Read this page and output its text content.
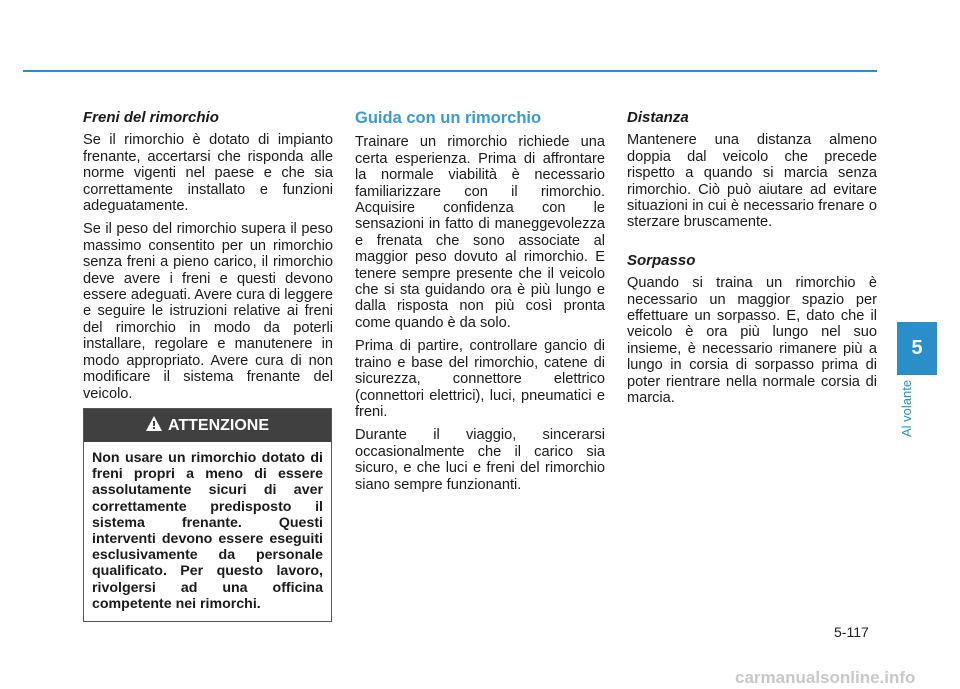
Freni del rimorchio

Se il rimorchio è dotato di impianto frenante, accertarsi che risponda alle norme vigenti nel paese e che sia correttamente installato e funzioni adeguatamente.

Se il peso del rimorchio supera il peso massimo consentito per un rimorchio senza freni a pieno carico, il rimorchio deve avere i freni e questi devono essere adeguati. Avere cura di leggere e seguire le istruzioni relative ai freni del rimorchio in modo da poterli installare, regolare e manutenere in modo appropriato. Avere cura di non modificare il sistema frenante del veicolo.

ATTENZIONE
Non usare un rimorchio dotato di freni propri a meno di essere assolutamente sicuri di aver correttamente predisposto il sistema frenante. Questi interventi devono essere eseguiti esclusivamente da personale qualificato. Per questo lavoro, rivolgersi ad una officina competente nei rimorchi.
Guida con un rimorchio

Trainare un rimorchio richiede una certa esperienza. Prima di affrontare la normale viabilità è necessario familiarizzare con il rimorchio. Acquisire confidenza con le sensazioni in fatto di maneggevolezza e frenata che sono associate al maggior peso dovuto al rimorchio. E tenere sempre presente che il veicolo che si sta guidando ora è più lungo e dalla risposta non più così pronta come quando è da solo.

Prima di partire, controllare gancio di traino e base del rimorchio, catene di sicurezza, connettore elettrico (connettori elettrici), luci, pneumatici e freni.

Durante il viaggio, sincerarsi occasionalmente che il carico sia sicuro, e che luci e freni del rimorchio siano sempre funzionanti.

Distanza

Mantenere una distanza almeno doppia dal veicolo che precede rispetto a quando si marcia senza rimorchio. Ciò può aiutare ad evitare situazioni in cui è necessario frenare o sterzare bruscamente.

Sorpasso

Quando si traina un rimorchio è necessario un maggior spazio per effettuare un sorpasso. E, dato che il veicolo è ora più lungo nel suo insieme, è necessario rimanere più a lungo in corsia di sorpasso prima di poter rientrare nella normale corsia di marcia.

5
Al volante
5-117
carmanualsonline.info
